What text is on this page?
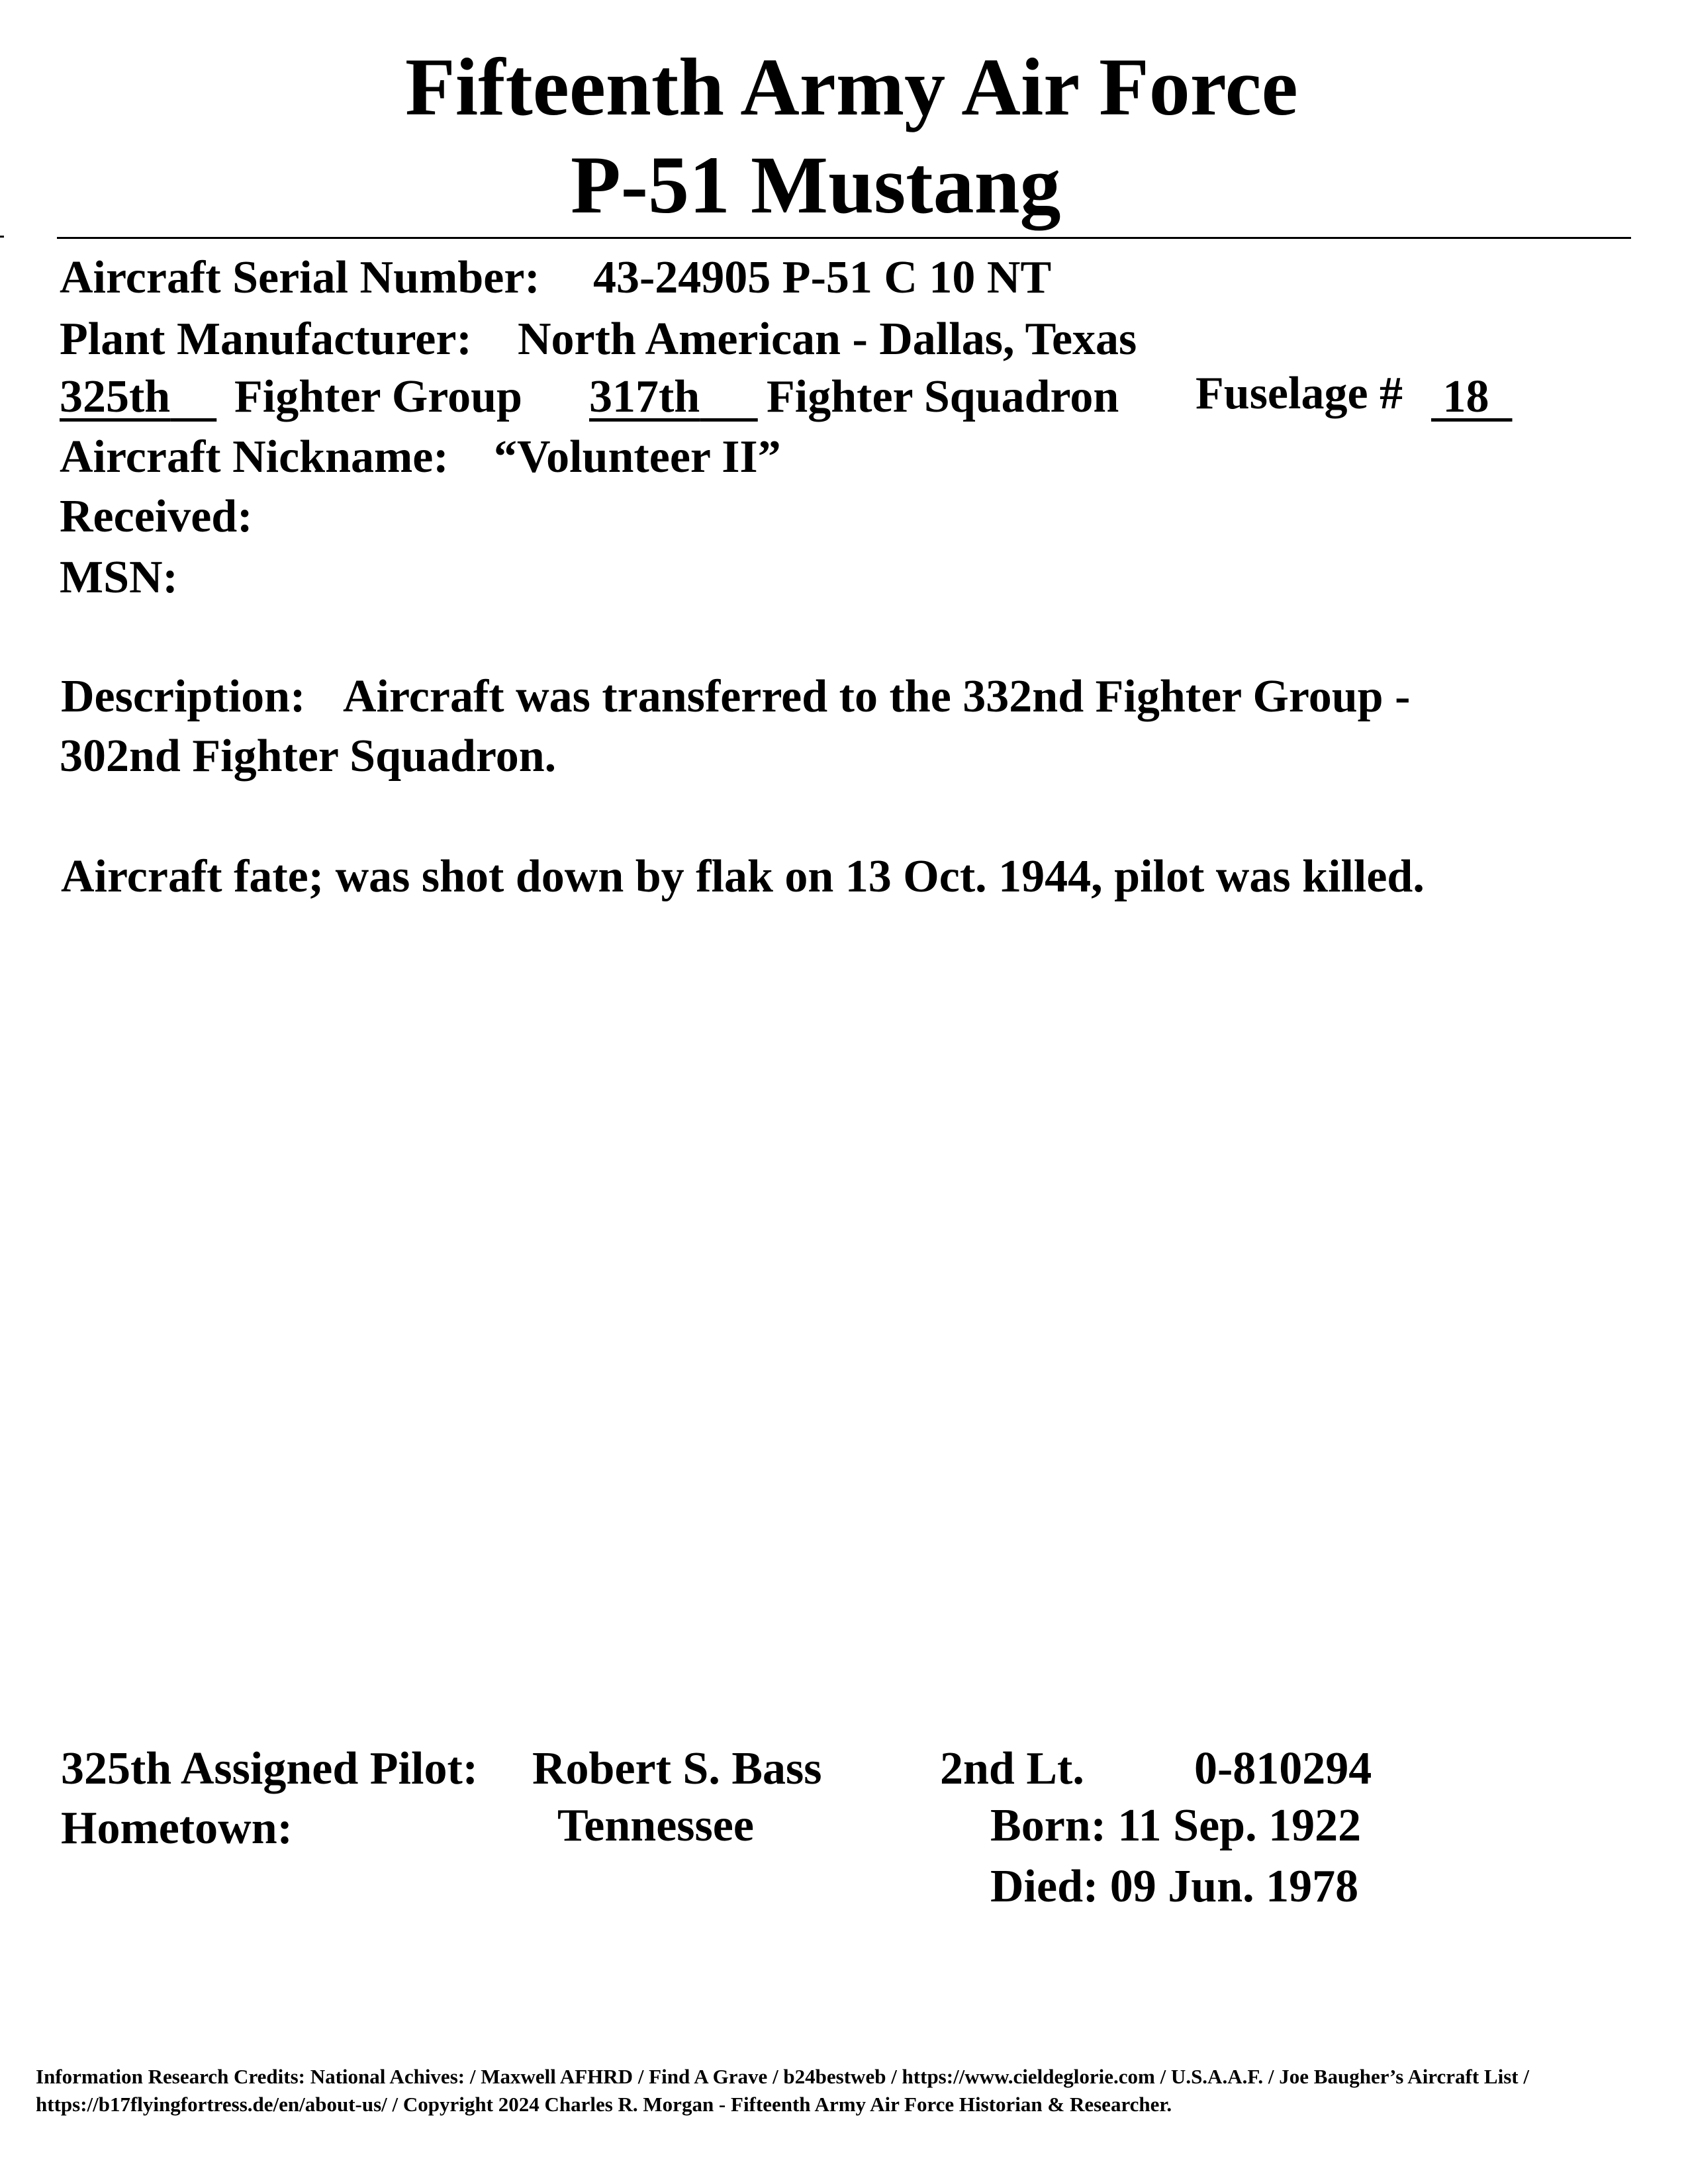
Fifteenth Army Air Force
P-51 Mustang
Aircraft Serial Number: 43-24905 P-51 C 10 NT
Plant Manufacturer: North American - Dallas, Texas
325th	Fighter Group 317th	Fighter Squadron Fuselage # 18
Aircraft Nickname: “Volunteer II”
Received:
MSN:
Description: Aircraft was transferred to the 332nd Fighter Group -
302nd Fighter Squadron.
Aircraft fate; was shot down by flak on 13 Oct. 1944, pilot was killed.
325th Assigned Pilot: Robert S. Bass	2nd Lt. 0-810294
Hometown:	Tennessee	Born: 11 Sep. 1922
Died: 09 Jun. 1978
Information Research Credits: National Achives: / Maxwell AFHRD / Find A Grave / b24bestweb / https://www.cieldeglorie.com / U.S.A.A.F. / Joe Baugher’s Aircraft List /
https://b17flyingfortress.de/en/about-us/ / Copyright 2024 Charles R. Morgan - Fifteenth Army Air Force Historian & Researcher.
